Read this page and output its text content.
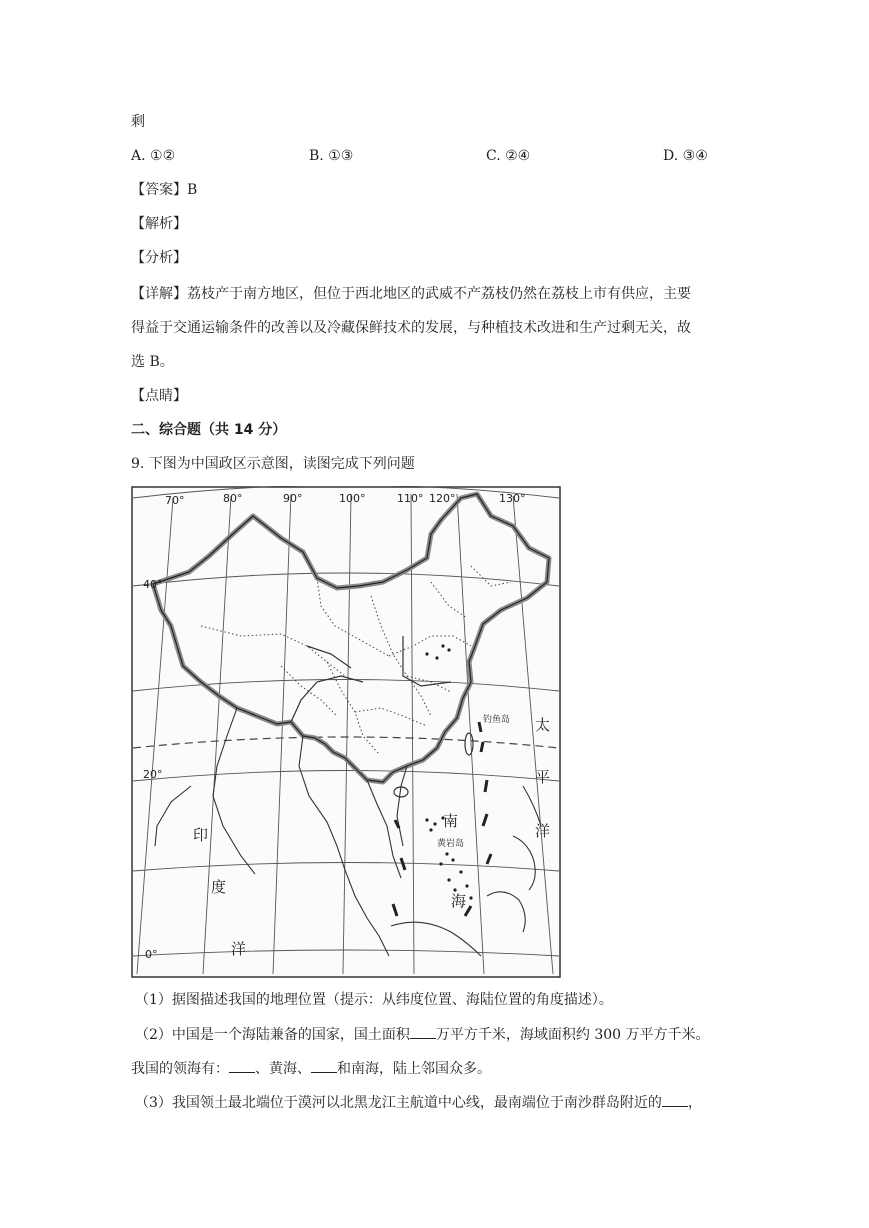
剩
A. ①②	B. ①③	C. ②④	D. ③④
【答案】B
【解析】
【分析】
【详解】荔枝产于南方地区，但位于西北地区的武威不产荔枝仍然在荔枝上市有供应，主要
得益于交通运输条件的改善以及冷藏保鲜技术的发展，与种植技术改进和生产过剩无关，故
选 B。
【点睛】
二、综合题（共 14 分）
9. 下图为中国政区示意图，读图完成下列问题
70°	80°	90°	100°	110° 120°	130°
40°
20°
0°
太
平
洋
印
度
洋
南
海
黄岩岛
钓鱼岛
（1）据图描述我国的地理位置（提示：从纬度位置、海陆位置的角度描述）。
（2）中国是一个海陆兼备的国家，国土面积 万平方千米，海域面积约 300 万平方千米。
我国的领海有： 、黄海、 和南海，陆上邻国众多。
（3）我国领土最北端位于漠河以北黑龙江主航道中心线，最南端位于南沙群岛附近的 ，
